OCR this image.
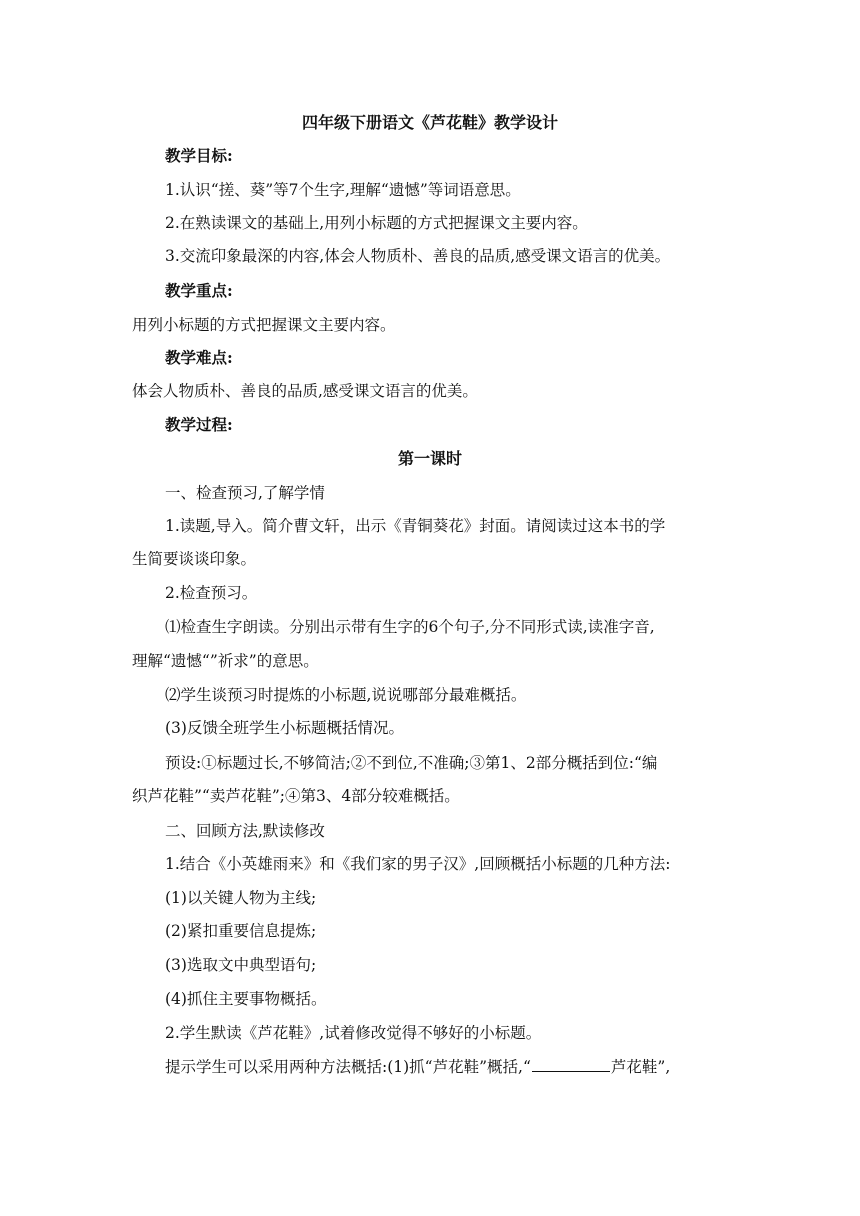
四年级下册语文《芦花鞋》教学设计
教学目标:
1.认识“搓、葵”等7个生字,理解“遗憾”等词语意思。
2.在熟读课文的基础上,用列小标题的方式把握课文主要内容。
3.交流印象最深的内容,体会人物质朴、善良的品质,感受课文语言的优美。
教学重点:
用列小标题的方式把握课文主要内容。
教学难点:
体会人物质朴、善良的品质,感受课文语言的优美。
教学过程:
第一课时
一、检查预习,了解学情
1.读题,导入。简介曹文轩，出示《青铜葵花》封面。请阅读过这本书的学
生简要谈谈印象。
2.检查预习。
⑴检查生字朗读。分别出示带有生字的6个句子,分不同形式读,读准字音,
理解“遗憾“”祈求”的意思。
⑵学生谈预习时提炼的小标题,说说哪部分最难概括。
(3)反馈全班学生小标题概括情况。
预设:①标题过长,不够简洁;②不到位,不准确;③第1、2部分概括到位:“编
织芦花鞋”“卖芦花鞋”;④第3、4部分较难概括。
二、回顾方法,默读修改
1.结合《小英雄雨来》和《我们家的男子汉》,回顾概括小标题的几种方法:
(1)以关键人物为主线;
(2)紧扣重要信息提炼;
(3)选取文中典型语句;
(4)抓住主要事物概括。
2.学生默读《芦花鞋》,试着修改觉得不够好的小标题。
提示学生可以采用两种方法概括:(1)抓“芦花鞋”概括,“	芦花鞋”,
